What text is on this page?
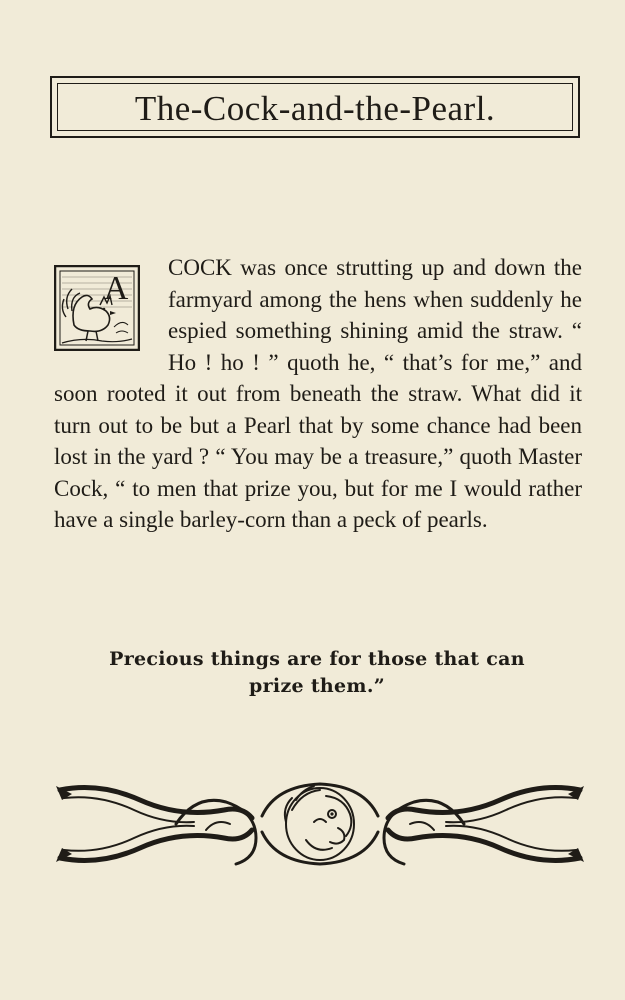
The-Cock-and-the-Pearl.
A
COCK was once strutting up and down the farmyard among the hens when suddenly he espied something shining amid the straw. “ Ho ! ho ! ” quoth he, “ that’s for me,” and soon rooted it out from beneath the straw. What did it turn out to be but a Pearl that by some chance had been lost in the yard ? “ You may be a treasure,” quoth Master Cock, “ to men that prize you, but for me I would rather have a single barley-corn than a peck of pearls.
Precious things are for those that can prize them.”
